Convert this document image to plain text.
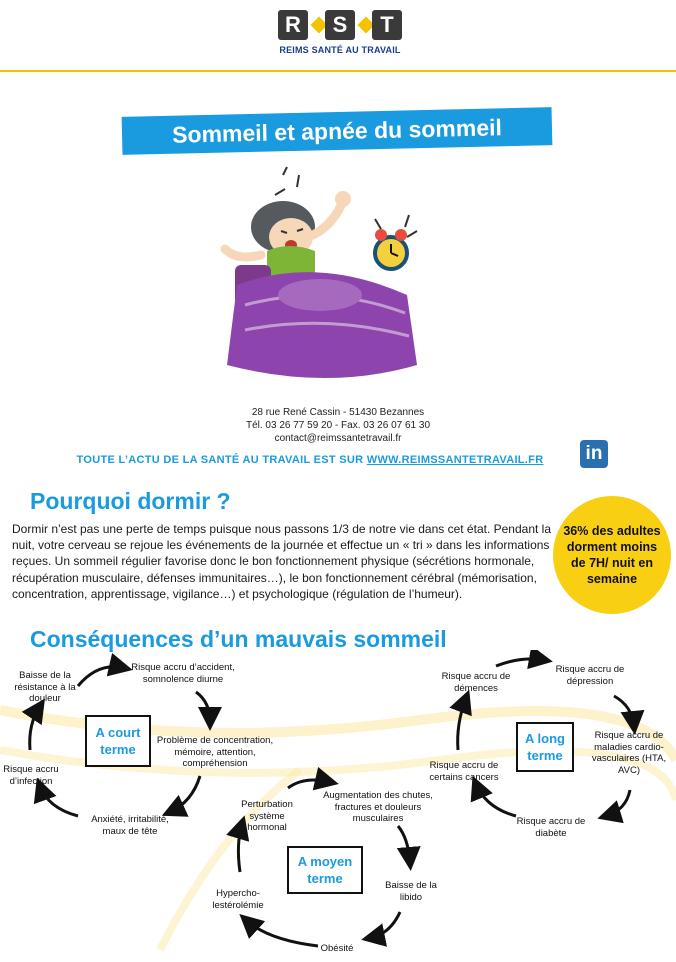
R	S	T
REIMS SANTÉ AU TRAVAIL
Sommeil et apnée du sommeil
28 rue René Cassin - 51430 Bezannes
Tél. 03 26 77 59 20 - Fax. 03 26 07 61 30
contact@reimssantetravail.fr
TOUTE L’ACTU DE LA SANTÉ AU TRAVAIL EST SUR WWW.REIMSSANTETRAVAIL.FR	in
Pourquoi dormir ?
Dormir n’est pas une perte de temps puisque nous passons 1/3 de notre vie dans cet état. Pendant la nuit, votre cerveau se rejoue les événements de la journée et effectue un « tri » dans les informations reçues. Un sommeil régulier favorise donc le bon fonctionnement physique (sécrétions hormonale, récupération musculaire, défenses immunitaires…), le bon fonctionnement cérébral (mémorisation, concentration, apprentissage, vigilance…) et psychologique (régulation de l’humeur).
36% des adultes dorment moins de 7H/ nuit en semaine
Conséquences d’un mauvais sommeil
Baisse de la résistance à la douleur
Risque accru d’accident, somnolence diurne
Problème de concentration, mémoire, attention, compréhension
Anxiété, irritabilité, maux de tête
Risque accru d’infection
A court terme
Perturbation système hormonal
Augmentation des chutes, fractures et douleurs musculaires
Baisse de la libido
Obésité
Hypercho-lestérolémie
A moyen terme
Risque accru de démences
Risque accru de dépression
Risque accru de maladies cardio-vasculaires (HTA, AVC)
Risque accru de diabète
Risque accru de certains cancers
A long terme
